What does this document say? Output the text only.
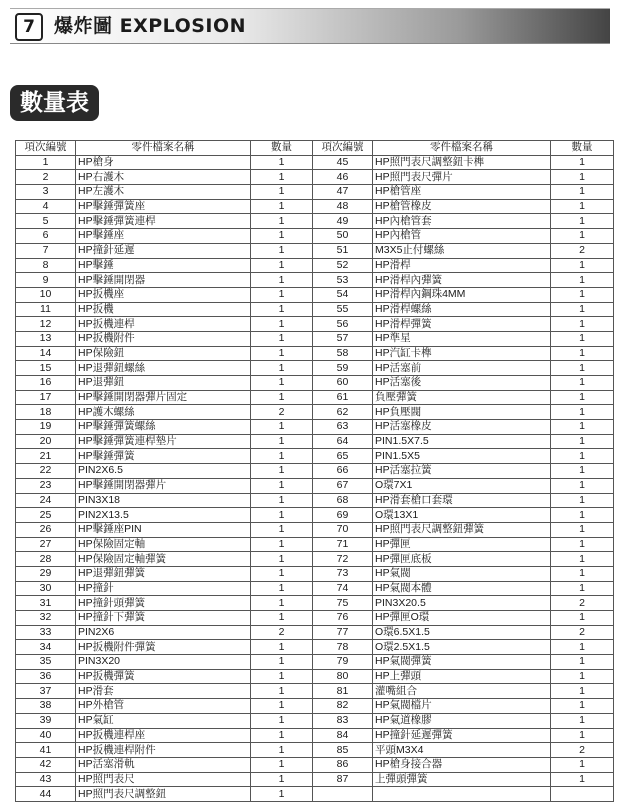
7	爆炸圖 EXPLOSION
數量表
項次編號	零件檔案名稱	數量	項次編號	零件檔案名稱	數量
1	HP槍身	1	45	HP照門表尺調整鈕卡榫	1
2	HP右護木	1	46	HP照門表尺彈片	1
3	HP左護木	1	47	HP槍管座	1
4	HP擊錘彈簧座	1	48	HP槍管橡皮	1
5	HP擊錘彈簧連桿	1	49	HP內槍管套	1
6	HP擊錘座	1	50	HP內槍管	1
7	HP撞針延遲	1	51	M3X5止付螺絲	2
8	HP擊錘	1	52	HP滑桿	1
9	HP擊錘開閉器	1	53	HP滑桿內彈簧	1
10	HP扳機座	1	54	HP滑桿內鋼珠4MM	1
11	HP扳機	1	55	HP滑桿螺絲	1
12	HP扳機連桿	1	56	HP滑桿彈簧	1
13	HP扳機附件	1	57	HP準星	1
14	HP保險鈕	1	58	HP汽缸卡榫	1
15	HP退彈鈕螺絲	1	59	HP活塞前	1
16	HP退彈鈕	1	60	HP活塞後	1
17	HP擊錘開閉器彈片固定	1	61	負壓彈簧	1
18	HP護木螺絲	2	62	HP負壓閥	1
19	HP擊錘彈簧螺絲	1	63	HP活塞橡皮	1
20	HP擊錘彈簧連桿墊片	1	64	PIN1.5X7.5	1
21	HP擊錘彈簧	1	65	PIN1.5X5	1
22	PIN2X6.5	1	66	HP活塞拉簧	1
23	HP擊錘開閉器彈片	1	67	O環7X1	1
24	PIN3X18	1	68	HP滑套槍口套環	1
25	PIN2X13.5	1	69	O環13X1	1
26	HP擊錘座PIN	1	70	HP照門表尺調整鈕彈簧	1
27	HP保險固定軸	1	71	HP彈匣	1
28	HP保險固定軸彈簧	1	72	HP彈匣底板	1
29	HP退彈鈕彈簧	1	73	HP氣閥	1
30	HP撞針	1	74	HP氣閥本體	1
31	HP撞針頭彈簧	1	75	PIN3X20.5	2
32	HP撞針下彈簧	1	76	HP彈匣O環	1
33	PIN2X6	2	77	O環6.5X1.5	2
34	HP扳機附件彈簧	1	78	O環2.5X1.5	1
35	PIN3X20	1	79	HP氣閥彈簧	1
36	HP扳機彈簧	1	80	HP上彈頭	1
37	HP滑套	1	81	灌嘴組合	1
38	HP外槍管	1	82	HP氣閥檔片	1
39	HP氣缸	1	83	HP氣道橡膠	1
40	HP扳機連桿座	1	84	HP撞針延遲彈簧	1
41	HP扳機連桿附件	1	85	平頭M3X4	2
42	HP活塞滑軌	1	86	HP槍身接合器	1
43	HP照門表尺	1	87	上彈頭彈簧	1
44	HP照門表尺調整鈕	1			
